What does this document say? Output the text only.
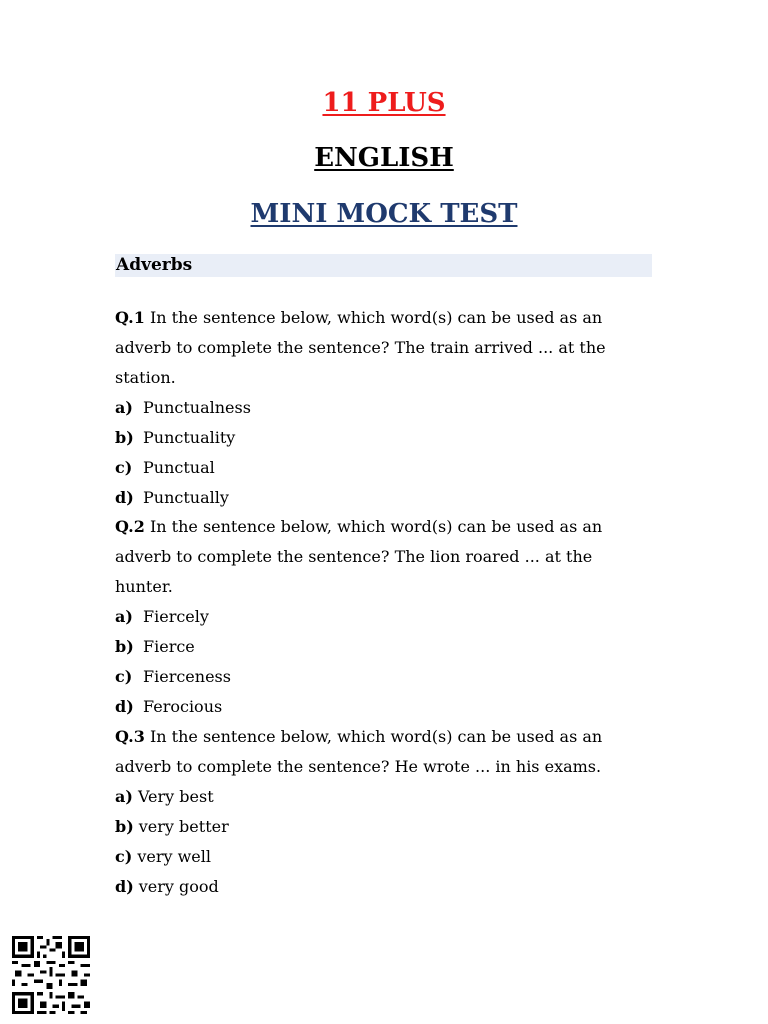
11 PLUS
ENGLISH
MINI MOCK TEST
Adverbs
Q.1 In the sentence below, which word(s) can be used as an adverb to complete the sentence? The train arrived ... at the station.
a) Punctualness
b) Punctuality
c) Punctual
d) Punctually
Q.2 In the sentence below, which word(s) can be used as an adverb to complete the sentence? The lion roared ... at the hunter.
a) Fiercely
b) Fierce
c) Fierceness
d) Ferocious
Q.3 In the sentence below, which word(s) can be used as an adverb to complete the sentence? He wrote ... in his exams.
a) Very best
b) very better
c) very well
d) very good
